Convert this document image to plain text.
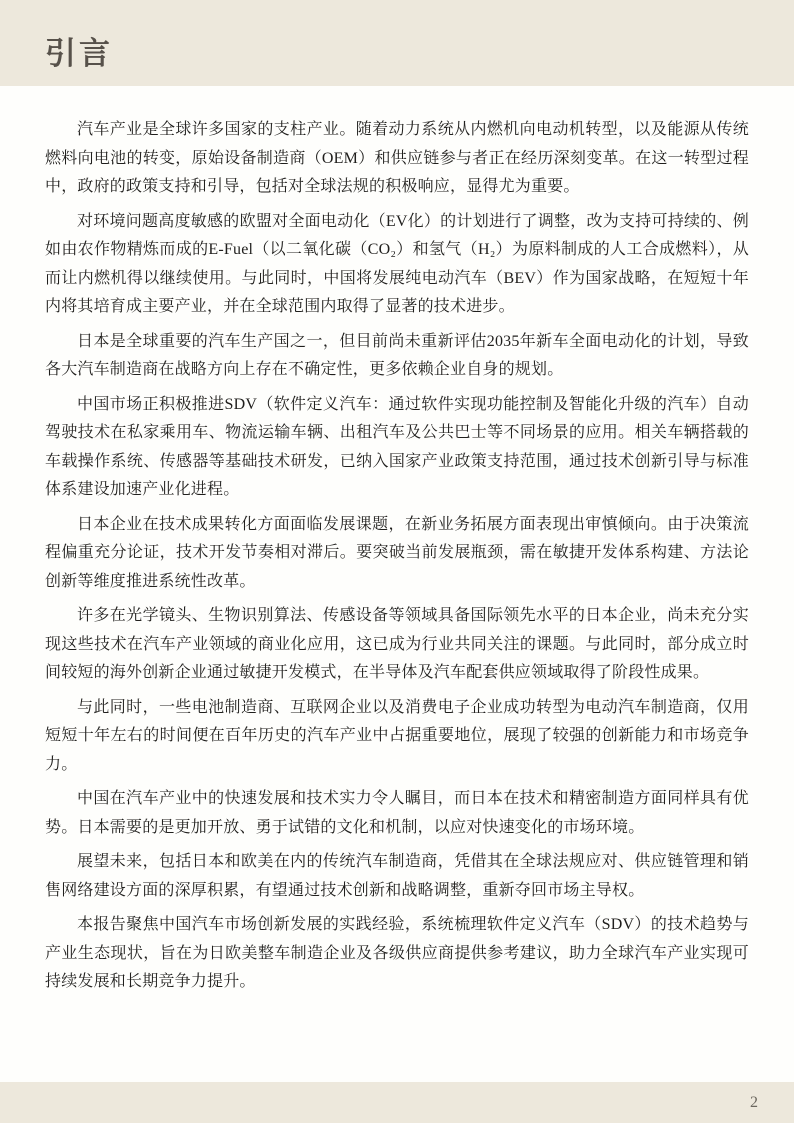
引言

汽车产业是全球许多国家的支柱产业。随着动力系统从内燃机向电动机转型，以及能源从传统燃料向电池的转变，原始设备制造商（OEM）和供应链参与者正在经历深刻变革。在这一转型过程中，政府的政策支持和引导，包括对全球法规的积极响应，显得尤为重要。

对环境问题高度敏感的欧盟对全面电动化（EV化）的计划进行了调整，改为支持可持续的、例如由农作物精炼而成的E-Fuel（以二氧化碳（CO₂）和氢气（H₂）为原料制成的人工合成燃料），从而让内燃机得以继续使用。与此同时，中国将发展纯电动汽车（BEV）作为国家战略，在短短十年内将其培育成主要产业，并在全球范围内取得了显著的技术进步。

日本是全球重要的汽车生产国之一，但目前尚未重新评估2035年新车全面电动化的计划，导致各大汽车制造商在战略方向上存在不确定性，更多依赖企业自身的规划。

中国市场正积极推进SDV（软件定义汽车：通过软件实现功能控制及智能化升级的汽车）自动驾驶技术在私家乘用车、物流运输车辆、出租汽车及公共巴士等不同场景的应用。相关车辆搭载的车载操作系统、传感器等基础技术研发，已纳入国家产业政策支持范围，通过技术创新引导与标准体系建设加速产业化进程。

日本企业在技术成果转化方面面临发展课题，在新业务拓展方面表现出审慎倾向。由于决策流程偏重充分论证，技术开发节奏相对滞后。要突破当前发展瓶颈，需在敏捷开发体系构建、方法论创新等维度推进系统性改革。

许多在光学镜头、生物识别算法、传感设备等领域具备国际领先水平的日本企业，尚未充分实现这些技术在汽车产业领域的商业化应用，这已成为行业共同关注的课题。与此同时，部分成立时间较短的海外创新企业通过敏捷开发模式，在半导体及汽车配套供应领域取得了阶段性成果。

与此同时，一些电池制造商、互联网企业以及消费电子企业成功转型为电动汽车制造商，仅用短短十年左右的时间便在百年历史的汽车产业中占据重要地位，展现了较强的创新能力和市场竞争力。

中国在汽车产业中的快速发展和技术实力令人瞩目，而日本在技术和精密制造方面同样具有优势。日本需要的是更加开放、勇于试错的文化和机制，以应对快速变化的市场环境。

展望未来，包括日本和欧美在内的传统汽车制造商，凭借其在全球法规应对、供应链管理和销售网络建设方面的深厚积累，有望通过技术创新和战略调整，重新夺回市场主导权。

本报告聚焦中国汽车市场创新发展的实践经验，系统梳理软件定义汽车（SDV）的技术趋势与产业生态现状，旨在为日欧美整车制造企业及各级供应商提供参考建议，助力全球汽车产业实现可持续发展和长期竞争力提升。

2
